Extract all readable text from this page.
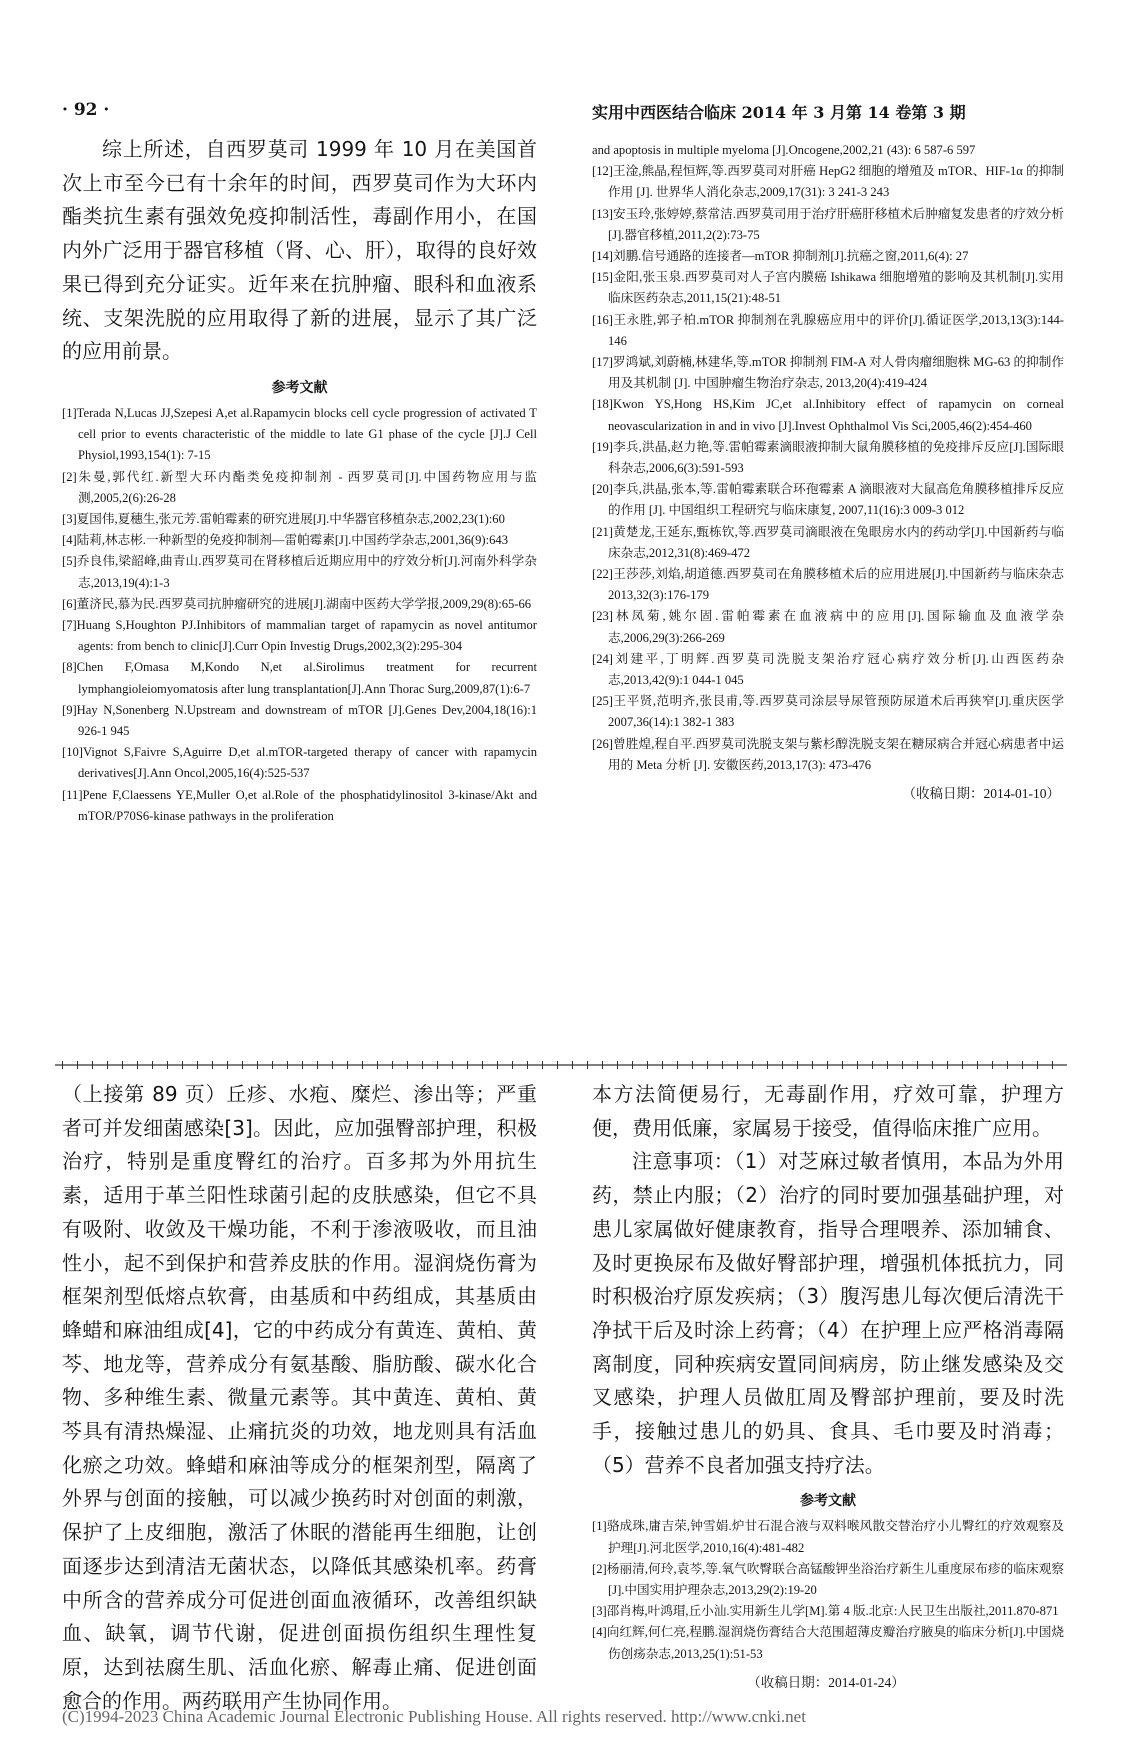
· 92 ·	实用中西医结合临床 2014 年 3 月第 14 卷第 3 期

综上所述，自西罗莫司 1999 年 10 月在美国首次上市至今已有十余年的时间，西罗莫司作为大环内酯类抗生素有强效免疫抑制活性，毒副作用小，在国内外广泛用于器官移植（肾、心、肝），取得的良好效果已得到充分证实。近年来在抗肿瘤、眼科和血液系统、支架洗脱的应用取得了新的进展，显示了其广泛的应用前景。

参考文献

[1]Terada N,Lucas JJ,Szepesi A,et al.Rapamycin blocks cell cycle progression of activated T cell prior to events characteristic of the middle to late G1 phase of the cycle [J].J Cell Physiol,1993,154(1): 7-15

[2]朱曼,郭代红.新型大环内酯类免疫抑制剂 - 西罗莫司[J].中国药物应用与监测,2005,2(6):26-28

[3]夏国伟,夏穗生,张元芳.雷帕霉素的研究进展[J].中华器官移植杂志,2002,23(1):60

[4]陆莉,林志彬.一种新型的免疫抑制剂—雷帕霉素[J].中国药学杂志,2001,36(9):643

[5]乔良伟,梁韶峰,曲青山.西罗莫司在肾移植后近期应用中的疗效分析[J].河南外科学杂志,2013,19(4):1-3

[6]董济民,慕为民.西罗莫司抗肿瘤研究的进展[J].湖南中医药大学学报,2009,29(8):65-66

[7]Huang S,Houghton PJ.Inhibitors of mammalian target of rapamycin as novel antitumor agents: from bench to clinic[J].Curr Opin Investig Drugs,2002,3(2):295-304

[8]Chen F,Omasa M,Kondo N,et al.Sirolimus treatment for recurrent lymphangioleiomyomatosis after lung transplantation[J].Ann Thorac Surg,2009,87(1):6-7

[9]Hay N,Sonenberg N.Upstream and downstream of mTOR [J].Genes Dev,2004,18(16):1 926-1 945

[10]Vignot S,Faivre S,Aguirre D,et al.mTOR-targeted therapy of cancer with rapamycin derivatives[J].Ann Oncol,2005,16(4):525-537

[11]Pene F,Claessens YE,Muller O,et al.Role of the phosphatidylinositol 3-kinase/Akt and mTOR/P70S6-kinase pathways in the proliferation

and apoptosis in multiple myeloma [J].Oncogene,2002,21 (43): 6 587-6 597

[12]王淦,熊晶,程恒辉,等.西罗莫司对肝癌 HepG2 细胞的增殖及 mTOR、HIF-1α 的抑制作用 [J]. 世界华人消化杂志,2009,17(31): 3 241-3 243

[13]安玉玲,张婷婷,蔡常洁.西罗莫司用于治疗肝癌肝移植术后肿瘤复发患者的疗效分析[J].器官移植,2011,2(2):73-75

[14]刘鹏.信号通路的连接者—mTOR 抑制剂[J].抗癌之窗,2011,6(4): 27

[15]金阳,张玉泉.西罗莫司对人子宫内膜癌 Ishikawa 细胞增殖的影响及其机制[J].实用临床医药杂志,2011,15(21):48-51

[16]王永胜,郭子柏.mTOR 抑制剂在乳腺癌应用中的评价[J].循证医学,2013,13(3):144-146

[17]罗鸿斌,刘蔚楠,林建华,等.mTOR 抑制剂 FIM-A 对人骨肉瘤细胞株 MG-63 的抑制作用及其机制 [J]. 中国肿瘤生物治疗杂志, 2013,20(4):419-424

[18]Kwon YS,Hong HS,Kim JC,et al.Inhibitory effect of rapamycin on corneal neovascularization in and in vivo [J].Invest Ophthalmol Vis Sci,2005,46(2):454-460

[19]李兵,洪晶,赵力艳,等.雷帕霉素滴眼液抑制大鼠角膜移植的免疫排斥反应[J].国际眼科杂志,2006,6(3):591-593

[20]李兵,洪晶,张本,等.雷帕霉素联合环孢霉素 A 滴眼液对大鼠高危角膜移植排斥反应的作用 [J]. 中国组织工程研究与临床康复, 2007,11(16):3 009-3 012

[21]黄楚龙,王延东,甄栋钦,等.西罗莫司滴眼液在兔眼房水内的药动学[J].中国新药与临床杂志,2012,31(8):469-472

[22]王莎莎,刘焰,胡道德.西罗莫司在角膜移植术后的应用进展[J].中国新药与临床杂志 2013,32(3):176-179

[23]林凤菊,姚尔固.雷帕霉素在血液病中的应用[J].国际输血及血液学杂志,2006,29(3):266-269

[24]刘建平,丁明辉.西罗莫司洗脱支架治疗冠心病疗效分析[J].山西医药杂志,2013,42(9):1 044-1 045

[25]王平贤,范明齐,张艮甫,等.西罗莫司涂层导尿管预防尿道术后再狭窄[J].重庆医学 2007,36(14):1 382-1 383

[26]曾胜煌,程自平.西罗莫司洗脱支架与紫杉醇洗脱支架在糖尿病合并冠心病患者中运用的 Meta 分析 [J]. 安徽医药,2013,17(3): 473-476

（收稿日期：2014-01-10）

（上接第 89 页）丘疹、水疱、糜烂、渗出等；严重者可并发细菌感染[3]。因此，应加强臀部护理，积极治疗，特别是重度臀红的治疗。百多邦为外用抗生素，适用于革兰阳性球菌引起的皮肤感染，但它不具有吸附、收敛及干燥功能，不利于渗液吸收，而且油性小，起不到保护和营养皮肤的作用。湿润烧伤膏为框架剂型低熔点软膏，由基质和中药组成，其基质由蜂蜡和麻油组成[4]，它的中药成分有黄连、黄柏、黄芩、地龙等，营养成分有氨基酸、脂肪酸、碳水化合物、多种维生素、微量元素等。其中黄连、黄柏、黄芩具有清热燥湿、止痛抗炎的功效，地龙则具有活血化瘀之功效。蜂蜡和麻油等成分的框架剂型，隔离了外界与创面的接触，可以减少换药时对创面的刺激，保护了上皮细胞，激活了休眠的潜能再生细胞，让创面逐步达到清洁无菌状态，以降低其感染机率。药膏中所含的营养成分可促进创面血液循环，改善组织缺血、缺氧，调节代谢，促进创面损伤组织生理性复原，达到祛腐生肌、活血化瘀、解毒止痛、促进创面愈合的作用。两药联用产生协同作用。

本方法简便易行，无毒副作用，疗效可靠，护理方便，费用低廉，家属易于接受，值得临床推广应用。

注意事项：（1）对芝麻过敏者慎用，本品为外用药，禁止内服；（2）治疗的同时要加强基础护理，对患儿家属做好健康教育，指导合理喂养、添加辅食、及时更换尿布及做好臀部护理，增强机体抵抗力，同时积极治疗原发疾病；（3）腹泻患儿每次便后清洗干净拭干后及时涂上药膏；（4）在护理上应严格消毒隔离制度，同种疾病安置同间病房，防止继发感染及交叉感染，护理人员做肛周及臀部护理前，要及时洗手，接触过患儿的奶具、食具、毛巾要及时消毒；（5）营养不良者加强支持疗法。

参考文献

[1]骆成珠,庸吉荣,钟雪娟.炉甘石混合液与双料喉风散交替治疗小儿臀红的疗效观察及护理[J].河北医学,2010,16(4):481-482

[2]杨丽清,何玲,袁芩,等.氧气吹臀联合高锰酸钾坐浴治疗新生儿重度尿布疹的临床观察[J].中国实用护理杂志,2013,29(2):19-20

[3]邵肖梅,叶鸿瑁,丘小汕.实用新生儿学[M].第 4 版.北京:人民卫生出版社,2011.870-871

[4]向红辉,何仁亮,程鹏.湿润烧伤膏结合大范围超薄皮瓣治疗腋臭的临床分析[J].中国烧伤创疡杂志,2013,25(1):51-53

（收稿日期：2014-01-24）
(C)1994-2023 China Academic Journal Electronic Publishing House. All rights reserved. http://www.cnki.net
